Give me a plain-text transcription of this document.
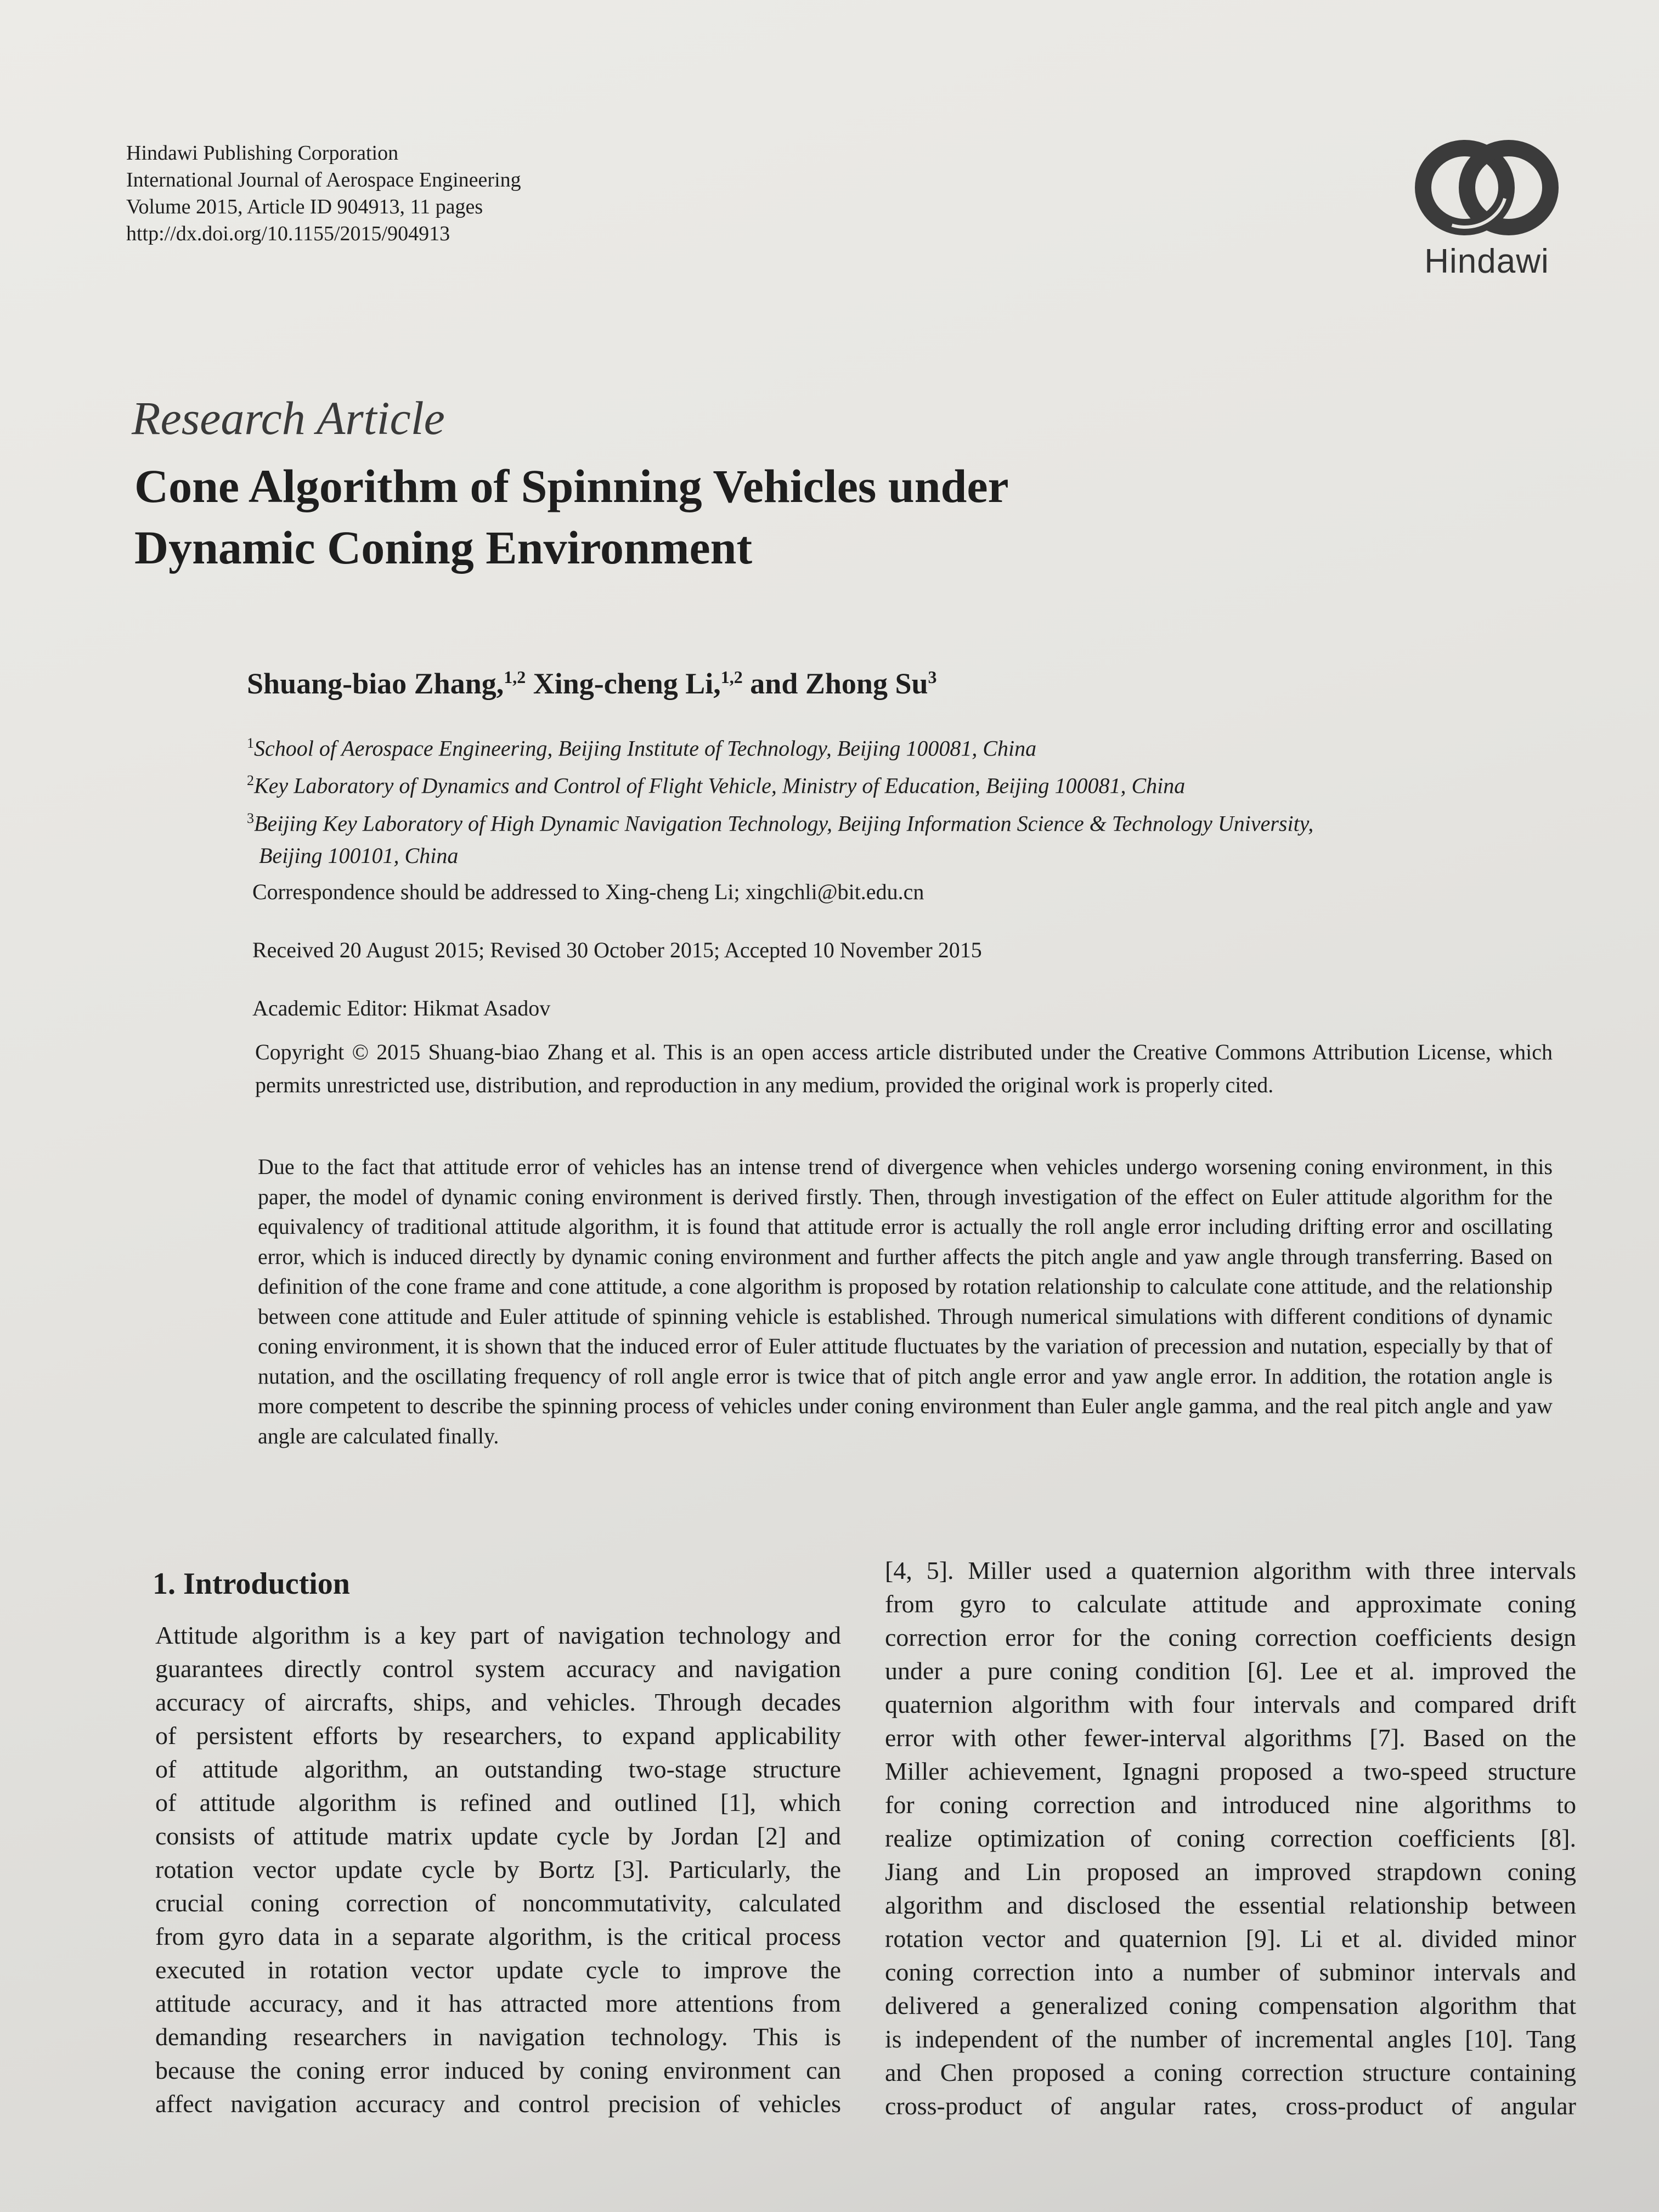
Hindawi Publishing Corporation
International Journal of Aerospace Engineering
Volume 2015, Article ID 904913, 11 pages
http://dx.doi.org/10.1155/2015/904913
Hindawi
Research Article
Cone Algorithm of Spinning Vehicles under
Dynamic Coning Environment
Shuang-biao Zhang,$^{1,2}$ Xing-cheng Li,$^{1,2}$ and Zhong Su$^3$
$^1$School of Aerospace Engineering, Beijing Institute of Technology, Beijing 100081, China
$^2$Key Laboratory of Dynamics and Control of Flight Vehicle, Ministry of Education, Beijing 100081, China
$^3$Beijing Key Laboratory of High Dynamic Navigation Technology, Beijing Information Science & Technology University,
Beijing 100101, China
Correspondence should be addressed to Xing-cheng Li; xingchli@bit.edu.cn
Received 20 August 2015; Revised 30 October 2015; Accepted 10 November 2015
Academic Editor: Hikmat Asadov
Copyright © 2015 Shuang-biao Zhang et al. This is an open access article distributed under the Creative Commons Attribution License, which permits unrestricted use, distribution, and reproduction in any medium, provided the original work is properly cited.

Due to the fact that attitude error of vehicles has an intense trend of divergence when vehicles undergo worsening coning environment, in this paper, the model of dynamic coning environment is derived firstly. Then, through investigation of the effect on Euler attitude algorithm for the equivalency of traditional attitude algorithm, it is found that attitude error is actually the roll angle error including drifting error and oscillating error, which is induced directly by dynamic coning environment and further affects the pitch angle and yaw angle through transferring. Based on definition of the cone frame and cone attitude, a cone algorithm is proposed by rotation relationship to calculate cone attitude, and the relationship between cone attitude and Euler attitude of spinning vehicle is established. Through numerical simulations with different conditions of dynamic coning environment, it is shown that the induced error of Euler attitude fluctuates by the variation of precession and nutation, especially by that of nutation, and the oscillating frequency of roll angle error is twice that of pitch angle error and yaw angle error. In addition, the rotation angle is more competent to describe the spinning process of vehicles under coning environment than Euler angle gamma, and the real pitch angle and yaw angle are calculated finally.

1. Introduction
Attitude algorithm is a key part of navigation technology and
guarantees directly control system accuracy and navigation
accuracy of aircrafts, ships, and vehicles. Through decades
of persistent efforts by researchers, to expand applicability
of attitude algorithm, an outstanding two-stage structure
of attitude algorithm is refined and outlined [1], which
consists of attitude matrix update cycle by Jordan [2] and
rotation vector update cycle by Bortz [3]. Particularly, the
crucial coning correction of noncommutativity, calculated
from gyro data in a separate algorithm, is the critical process
executed in rotation vector update cycle to improve the
attitude accuracy, and it has attracted more attentions from
demanding researchers in navigation technology. This is
because the coning error induced by coning environment can
affect navigation accuracy and control precision of vehicles
[4, 5]. Miller used a quaternion algorithm with three intervals
from gyro to calculate attitude and approximate coning
correction error for the coning correction coefficients design
under a pure coning condition [6]. Lee et al. improved the
quaternion algorithm with four intervals and compared drift
error with other fewer-interval algorithms [7]. Based on the
Miller achievement, Ignagni proposed a two-speed structure
for coning correction and introduced nine algorithms to
realize optimization of coning correction coefficients [8].
Jiang and Lin proposed an improved strapdown coning
algorithm and disclosed the essential relationship between
rotation vector and quaternion [9]. Li et al. divided minor
coning correction into a number of subminor intervals and
delivered a generalized coning compensation algorithm that
is independent of the number of incremental angles [10]. Tang
and Chen proposed a coning correction structure containing
cross-product of angular rates, cross-product of angular
